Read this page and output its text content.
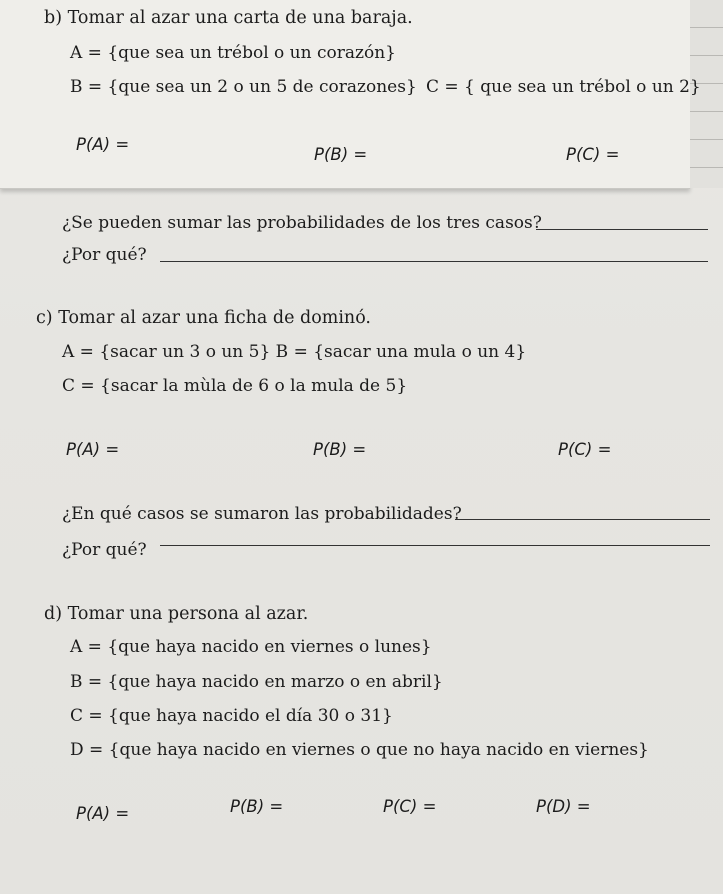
b) Tomar al azar una carta de una baraja.
A = {que sea un trébol o un corazón}
B = {que sea un 2 o un 5 de corazones} C = { que sea un trébol o un 2}
P(A) =
P(B) =	P(C) =
¿Se pueden sumar las probabilidades de los tres casos?
¿Por qué?
c) Tomar al azar una ficha de dominó.
A = {sacar un 3 o un 5} B = {sacar una mula o un 4}
C = {sacar la mùla de 6 o la mula de 5}
P(A) =	P(B) =	P(C) =
¿En qué casos se sumaron las probabilidades?
¿Por qué?
d) Tomar una persona al azar.
A = {que haya nacido en viernes o lunes}
B = {que haya nacido en marzo o en abril}
C = {que haya nacido el día 30 o 31}
D = {que haya nacido en viernes o que no haya nacido en viernes}
P(A) =	P(B) =	P(C) =	P(D) =
